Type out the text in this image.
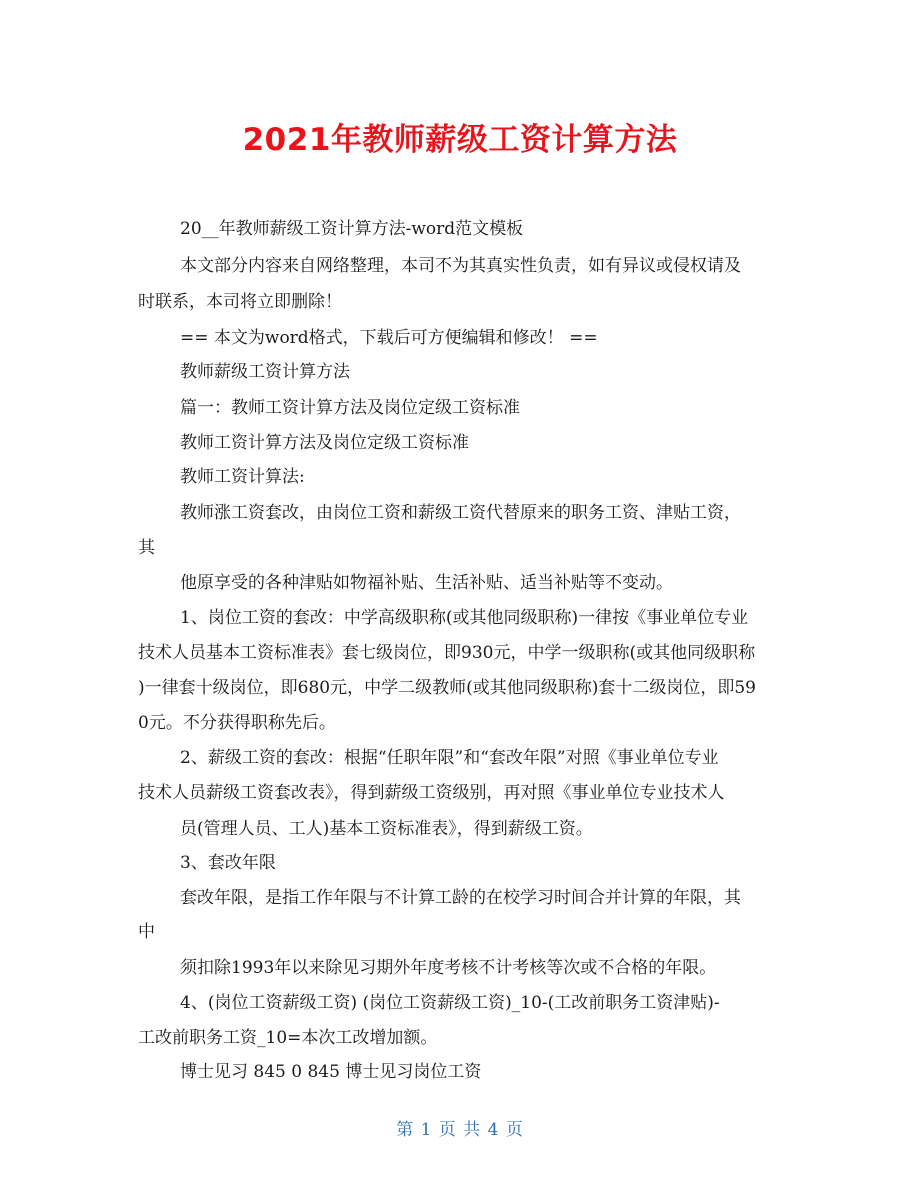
2021年教师薪级工资计算方法

20__年教师薪级工资计算方法-word范文模板

本文部分内容来自网络整理，本司不为其真实性负责，如有异议或侵权请及

时联系，本司将立即删除！

== 本文为word格式，下载后可方便编辑和修改！ ==

教师薪级工资计算方法

篇一：教师工资计算方法及岗位定级工资标准

教师工资计算方法及岗位定级工资标准

教师工资计算法:

教师涨工资套改，由岗位工资和薪级工资代替原来的职务工资、津贴工资，

其

他原享受的各种津贴如物福补贴、生活补贴、适当补贴等不变动。

1、岗位工资的套改：中学高级职称(或其他同级职称)一律按《事业单位专业

技术人员基本工资标准表》套七级岗位，即930元，中学一级职称(或其他同级职称

)一律套十级岗位，即680元，中学二级教师(或其他同级职称)套十二级岗位，即59

0元。不分获得职称先后。

2、薪级工资的套改：根据“任职年限”和“套改年限”对照《事业单位专业

技术人员薪级工资套改表》，得到薪级工资级别，再对照《事业单位专业技术人

员(管理人员、工人)基本工资标准表》，得到薪级工资。

3、套改年限

套改年限，是指工作年限与不计算工龄的在校学习时间合并计算的年限，其

中

须扣除1993年以来除见习期外年度考核不计考核等次或不合格的年限。

4、(岗位工资薪级工资) (岗位工资薪级工资)_10-(工改前职务工资津贴)-

工改前职务工资_10=本次工改增加额。

博士见习 845 0 845 博士见习岗位工资

第 1 页 共 4 页
